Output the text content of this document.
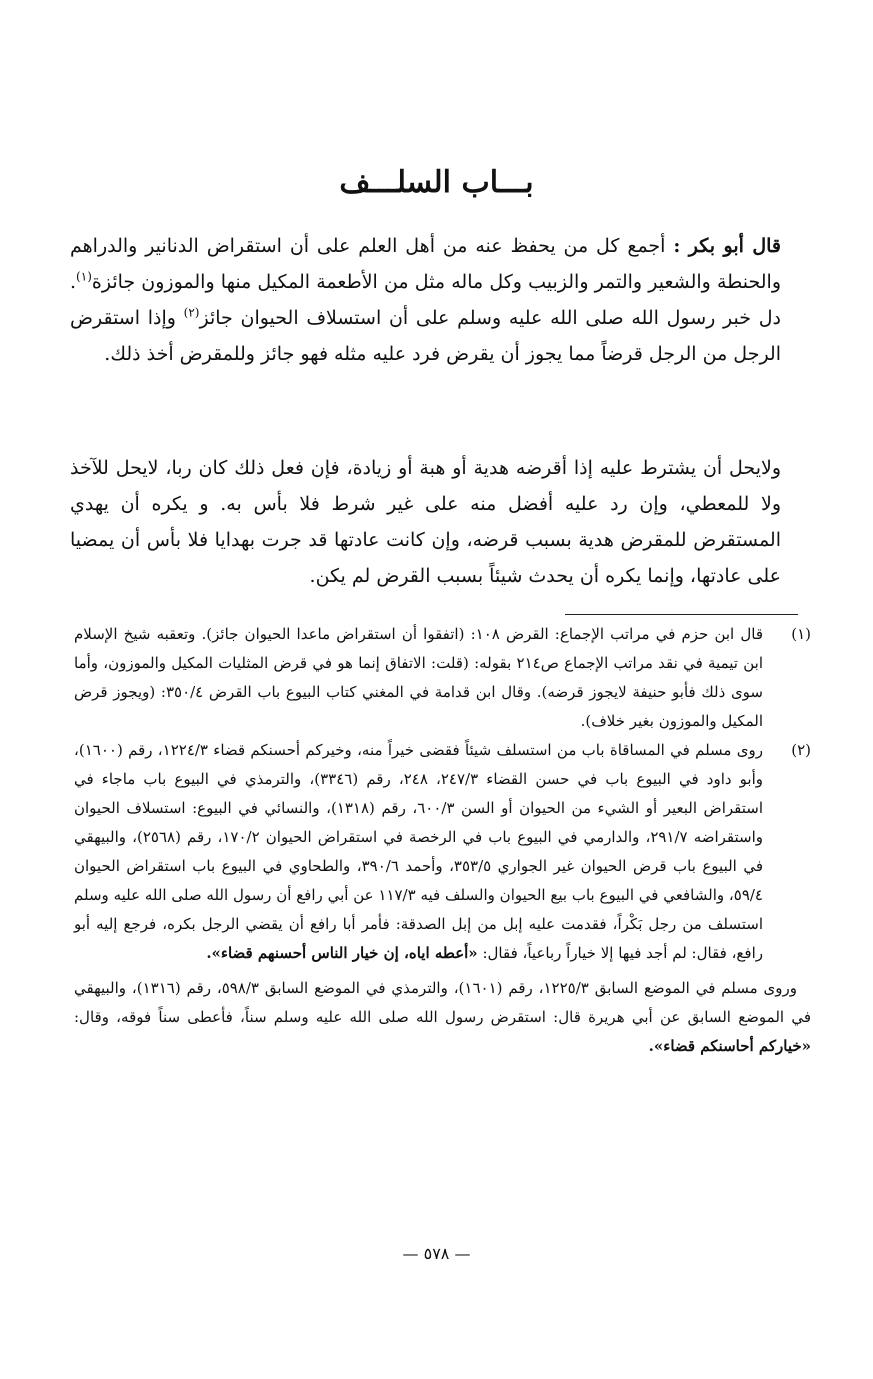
بـــاب السلـــف

قال أبو بكر : أجمع كل من يحفظ عنه من أهل العلم على أن استقراض الدنانير والدراهم والحنطة والشعير والتمر والزبيب وكل ماله مثل من الأطعمة المكيل منها والموزون جائزة$^{(١)}$. دل خبر رسول الله صلى الله عليه وسلم على أن استسلاف الحيوان جائز$^{(٢)}$ وإذا استقرض الرجل من الرجل قرضاً مما يجوز أن يقرض فرد عليه مثله فهو جائز وللمقرض أخذ ذلك.

ولايحل أن يشترط عليه إذا أقرضه هدية أو هبة أو زيادة، فإن فعل ذلك كان ربا، لايحل للآخذ ولا للمعطي، وإن رد عليه أفضل منه على غير شرط فلا بأس به. و يكره أن يهدي المستقرض للمقرض هدية بسبب قرضه، وإن كانت عادتها قد جرت بهدايا فلا بأس أن يمضيا على عادتها، وإنما يكره أن يحدث شيئاً بسبب القرض لم يكن.

(١)
قال ابن حزم في مراتب الإجماع: القرض ١٠٨: (اتفقوا أن استقراض ماعدا الحيوان جائز). وتعقبه شيخ الإسلام ابن تيمية في نقد مراتب الإجماع ص٢١٤ بقوله: (قلت: الاتفاق إنما هو في قرض المثليات المكيل والموزون، وأما سوى ذلك فأبو حنيفة لايجوز قرضه). وقال ابن قدامة في المغني كتاب البيوع باب القرض ٣٥٠/٤: (ويجوز قرض المكيل والموزون بغير خلاف).
(٢)
روى مسلم في المساقاة باب من استسلف شيئاً فقضى خيراً منه، وخيركم أحسنكم قضاء ١٢٢٤/٣، رقم (١٦٠٠)، وأبو داود في البيوع باب في حسن القضاء ٢٤٧/٣، ٢٤٨، رقم (٣٣٤٦)، والترمذي في البيوع باب ماجاء في استقراض البعير أو الشيء من الحيوان أو السن ٦٠٠/٣، رقم (١٣١٨)، والنسائي في البيوع: استسلاف الحيوان واستقراضه ٢٩١/٧، والدارمي في البيوع باب في الرخصة في استقراض الحيوان ١٧٠/٢، رقم (٢٥٦٨)، والبيهقي في البيوع باب قرض الحيوان غير الجواري ٣٥٣/٥، وأحمد ٣٩٠/٦، والطحاوي في البيوع باب استقراض الحيوان ٥٩/٤، والشافعي في البيوع باب بيع الحيوان والسلف فيه ١١٧/٣ عن أبي رافع أن رسول الله صلى الله عليه وسلم استسلف من رجل بَكْراً، فقدمت عليه إبل من إبل الصدقة: فأمر أبا رافع أن يقضي الرجل بكره، فرجع إليه أبو رافع، فقال: لم أجد فيها إلا خياراً رباعياً، فقال: «أعطه اياه، إن خيار الناس أحسنهم قضاء».
وروى مسلم في الموضع السابق ١٢٢٥/٣، رقم (١٦٠١)، والترمذي في الموضع السابق ٥٩٨/٣، رقم (١٣١٦)، والبيهقي في الموضع السابق عن أبي هريرة قال: استقرض رسول الله صلى الله عليه وسلم سناً، فأعطى سناً فوقه، وقال: «خياركم أحاسنكم قضاء».
— ٥٧٨ —
